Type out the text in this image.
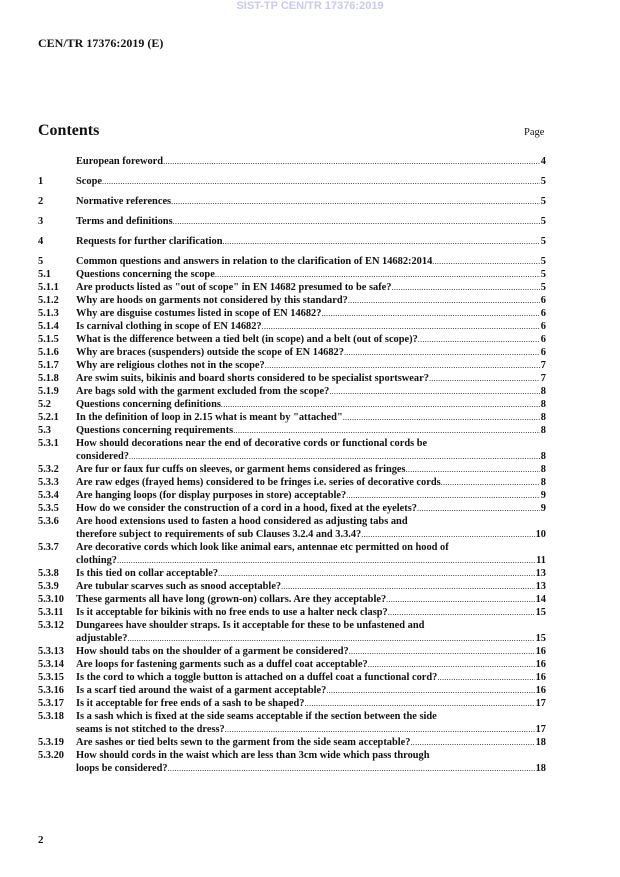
SIST-TP CEN/TR 17376:2019
CEN/TR 17376:2019 (E)
Contents	Page
European foreword .....	4
1	Scope .....	5
2	Normative references .....	5
3	Terms and definitions .....	5
4	Requests for further clarification .....	5
5	Common questions and answers in relation to the clarification of EN 14682:2014 .....	5
5.1	Questions concerning the scope .....	5
5.1.1	Are products listed as "out of scope" in EN 14682 presumed to be safe? .....	5
5.1.2	Why are hoods on garments not considered by this standard? .....	6
5.1.3	Why are disguise costumes listed in scope of EN 14682? .....	6
5.1.4	Is carnival clothing in scope of EN 14682? .....	6
5.1.5	What is the difference between a tied belt (in scope) and a belt (out of scope)? .....	6
5.1.6	Why are braces (suspenders) outside the scope of EN 14682? .....	6
5.1.7	Why are religious clothes not in the scope? .....	7
5.1.8	Are swim suits, bikinis and board shorts considered to be specialist sportswear? .....	7
5.1.9	Are bags sold with the garment excluded from the scope? .....	8
5.2	Questions concerning definitions .....	8
5.2.1	In the definition of loop in 2.15 what is meant by "attached" .....	8
5.3	Questions concerning requirements .....	8
5.3.1	How should decorations near the end of decorative cords or functional cords be
considered? .....	8
5.3.2	Are fur or faux fur cuffs on sleeves, or garment hems considered as fringes .....	8
5.3.3	Are raw edges (frayed hems) considered to be fringes i.e. series of decorative cords .....	8
5.3.4	Are hanging loops (for display purposes in store) acceptable? .....	9
5.3.5	How do we consider the construction of a cord in a hood, fixed at the eyelets? .....	9
5.3.6	Are hood extensions used to fasten a hood considered as adjusting tabs and
therefore subject to requirements of sub Clauses 3.2.4 and 3.3.4? .....	10
5.3.7	Are decorative cords which look like animal ears, antennae etc permitted on hood of
clothing? .....	11
5.3.8	Is this tied on collar acceptable? .....	13
5.3.9	Are tubular scarves such as snood acceptable? .....	13
5.3.10	These garments all have long (grown-on) collars. Are they acceptable? .....	14
5.3.11	Is it acceptable for bikinis with no free ends to use a halter neck clasp? .....	15
5.3.12	Dungarees have shoulder straps. Is it acceptable for these to be unfastened and
adjustable? .....	15
5.3.13	How should tabs on the shoulder of a garment be considered? .....	16
5.3.14	Are loops for fastening garments such as a duffel coat acceptable? .....	16
5.3.15	Is the cord to which a toggle button is attached on a duffel coat a functional cord? .....	16
5.3.16	Is a scarf tied around the waist of a garment acceptable? .....	16
5.3.17	Is it acceptable for free ends of a sash to be shaped? .....	17
5.3.18	Is a sash which is fixed at the side seams acceptable if the section between the side
seams is not stitched to the dress? .....	17
5.3.19	Are sashes or tied belts sewn to the garment from the side seam acceptable? .....	18
5.3.20	How should cords in the waist which are less than 3cm wide which pass through
loops be considered? .....	18
2
